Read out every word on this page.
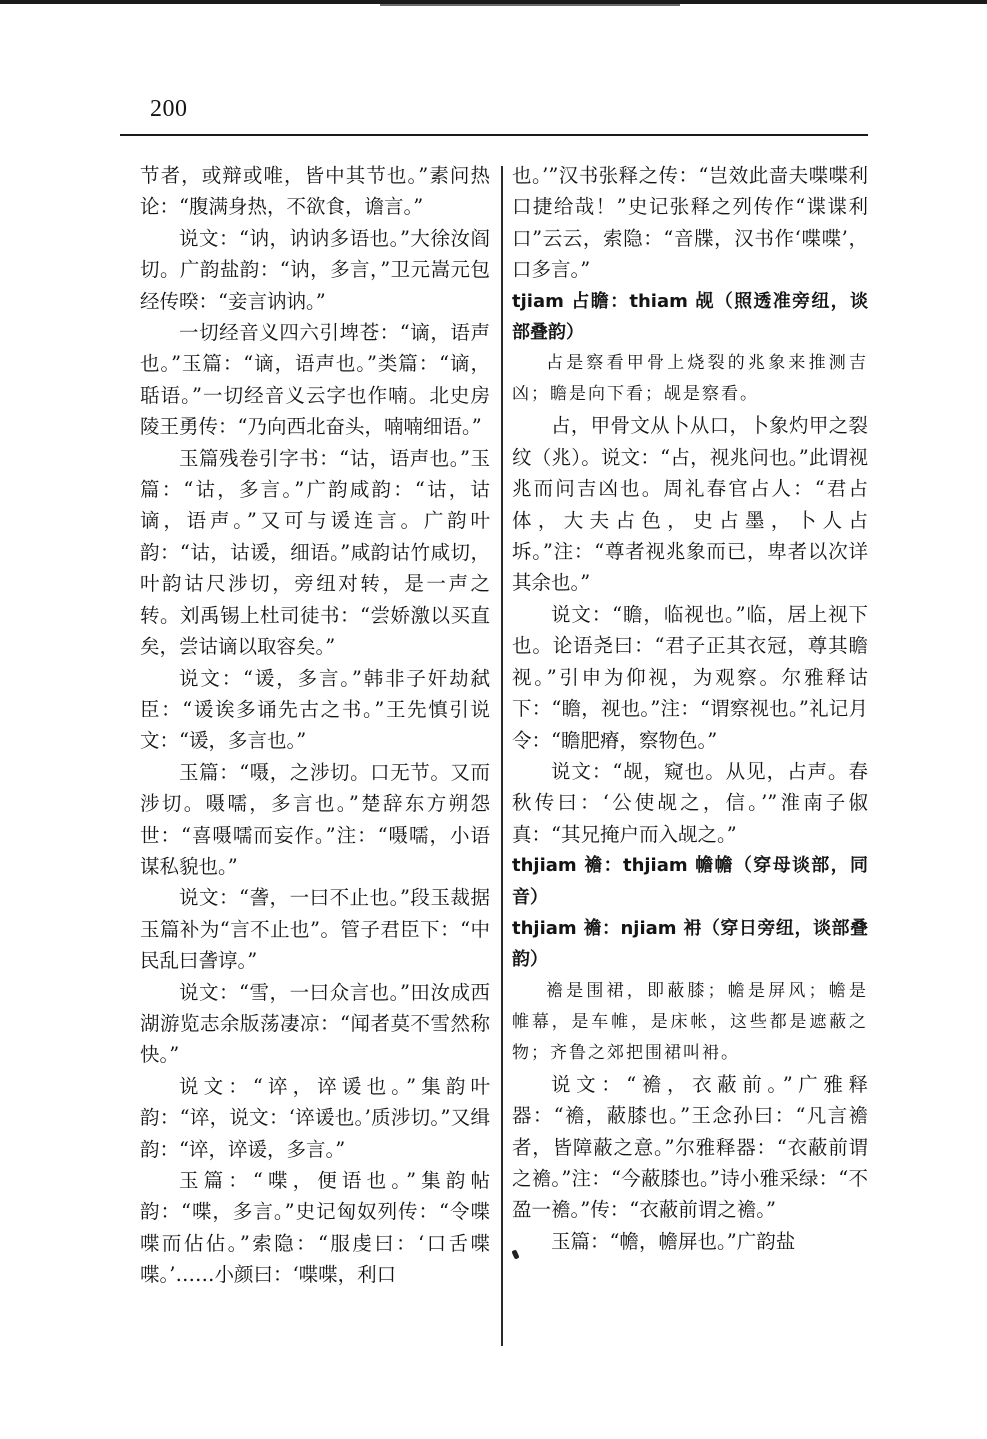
200

节者，或辩或唯，皆中其节也。”素问热论：“腹满身热，不欲食，谵言。”

说文：“讷，讷讷多语也。”大徐汝阎切。广韵盐韵：“讷，多言，”卫元嵩元包经传暌：“妾言讷讷。”

一切经音义四六引埤苍：“谪，语声也。”玉篇：“谪，语声也。”类篇：“谪，聒语。”一切经音义云字也作喃。北史房陵王勇传：“乃向西北奋头，喃喃细语。”

玉篇残卷引字书：“诂，语声也。”玉篇：“诂，多言。”广韵咸韵：“诂，诂谪，语声。”又可与谖连言。广韵叶韵：“诂，诂谖，细语。”咸韵诂竹咸切，叶韵诂尺涉切，旁纽对转，是一声之转。刘禹锡上杜司徒书：“尝娇激以买直矣，尝诂谪以取容矣。”

说文：“谖，多言。”韩非子奸劫弑臣：“谖诶多诵先古之书。”王先慎引说文：“谖，多言也。”

玉篇：“嗫，之涉切。口无节。又而涉切。嗫嚅，多言也。”楚辞东方朔怨世：“喜嗫嚅而妄作。”注：“嗫嚅，小语谋私貌也。”

说文：“詟，一曰不止也。”段玉裁据玉篇补为“言不止也”。管子君臣下：“中民乱曰詟谆。”

说文：“雪，一曰众言也。”田汝成西湖游览志余版荡凄凉：“闻者莫不雪然称快。”

说文：“谇，谇谖也。”集韵叶韵：“谇，说文：‘谇谖也。’质涉切。”又缉韵：“谇，谇谖，多言。”

玉篇：“喋，便语也。”集韵帖韵：“喋，多言。”史记匈奴列传：“令喋喋而佔佔。”索隐：“服虔曰：‘口舌喋喋。’……小颜曰：‘喋喋，利口

也。’”汉书张释之传：“岂效此啬夫喋喋利口捷给哉！”史记张释之列传作“谍谍利口”云云，索隐：“音牒，汉书作‘喋喋’，口多言。”

tjiam 占瞻：thiam 觇（照透准旁纽，谈部叠韵）

占是察看甲骨上烧裂的兆象来推测吉凶；瞻是向下看；觇是察看。

占，甲骨文从卜从口，卜象灼甲之裂纹（兆）。说文：“占，视兆问也。”此谓视兆而问吉凶也。周礼春官占人：“君占体，大夫占色，史占墨，卜人占坼。”注：“尊者视兆象而已，卑者以次详其余也。”

说文：“瞻，临视也。”临，居上视下也。论语尧曰：“君子正其衣冠，尊其瞻视。”引申为仰视，为观察。尔雅释诂下：“瞻，视也。”注：“谓察视也。”礼记月令：“瞻肥瘠，察物色。”

说文：“觇，窥也。从见，占声。春秋传曰：‘公使觇之，信。’”淮南子俶真：“其兄掩户而入觇之。”

thjiam 襜：thjiam 幨幨（穿母谈部，同音）
thjiam 襜：njiam 衻（穿日旁纽，谈部叠韵）

襜是围裙，即蔽膝；幨是屏风；幨是帷幕，是车帷，是床帐，这些都是遮蔽之物；齐鲁之郊把围裙叫衻。

说文：“襜，衣蔽前。”广雅释器：“襜，蔽膝也。”王念孙曰：“凡言襜者，皆障蔽之意。”尔雅释器：“衣蔽前谓之襜。”注：“今蔽膝也。”诗小雅采绿：“不盈一襜。”传：“衣蔽前谓之襜。”

玉篇：“幨，幨屏也。”广韵盐
